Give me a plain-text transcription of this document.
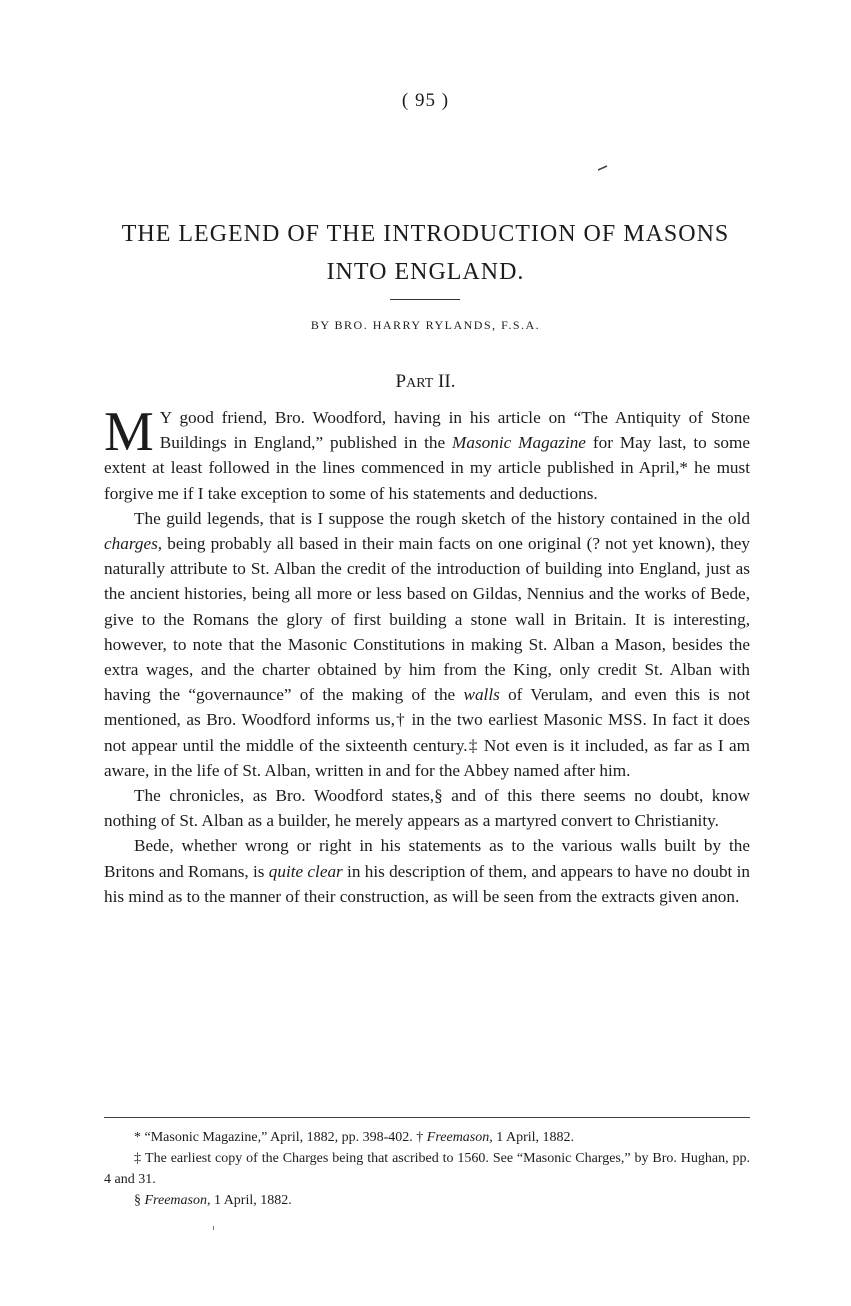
( 95 )
THE LEGEND OF THE INTRODUCTION OF MASONS
INTO ENGLAND.
BY BRO. HARRY RYLANDS, F.S.A.
PART II.

M Y good friend, Bro. Woodford, having in his article on “The Antiquity of Stone Buildings in England,” published in the Masonic Magazine for May last, to some extent at least followed in the lines commenced in my article published in April,* he must forgive me if I take exception to some of his statements and deductions.

The guild legends, that is I suppose the rough sketch of the history contained in the old charges, being probably all based in their main facts on one original (? not yet known), they naturally attribute to St. Alban the credit of the introduction of building into England, just as the ancient histories, being all more or less based on Gildas, Nennius and the works of Bede, give to the Romans the glory of first building a stone wall in Britain. It is interesting, however, to note that the Masonic Constitutions in making St. Alban a Mason, besides the extra wages, and the charter obtained by him from the King, only credit St. Alban with having the “governaunce” of the making of the walls of Verulam, and even this is not mentioned, as Bro. Woodford informs us,† in the two earliest Masonic MSS. In fact it does not appear until the middle of the sixteenth century.‡ Not even is it included, as far as I am aware, in the life of St. Alban, written in and for the Abbey named after him.

The chronicles, as Bro. Woodford states,§ and of this there seems no doubt, know nothing of St. Alban as a builder, he merely appears as a martyred convert to Christianity.

Bede, whether wrong or right in his statements as to the various walls built by the Britons and Romans, is quite clear in his description of them, and appears to have no doubt in his mind as to the manner of their construction, as will be seen from the extracts given anon.

* “Masonic Magazine,” April, 1882, pp. 398-402. † Freemason, 1 April, 1882.

‡ The earliest copy of the Charges being that ascribed to 1560. See “Masonic Charges,” by Bro. Hughan, pp. 4 and 31.

§ Freemason, 1 April, 1882.
